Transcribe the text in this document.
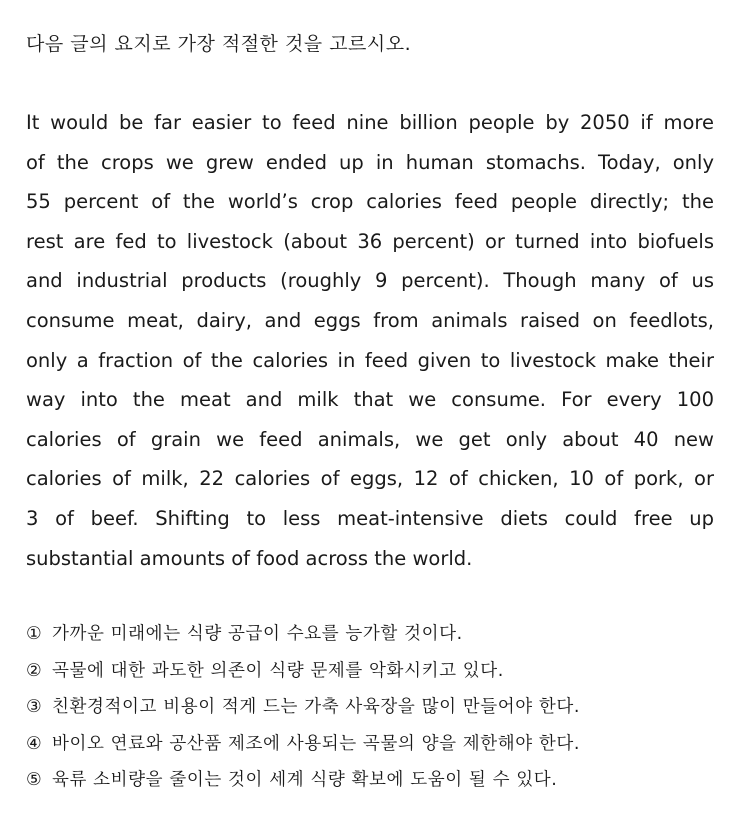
다음 글의 요지로 가장 적절한 것을 고르시오.
It would be far easier to feed nine billion people by 2050 if more
of the crops we grew ended up in human stomachs. Today, only
55 percent of the world’s crop calories feed people directly; the
rest are fed to livestock (about 36 percent) or turned into biofuels
and industrial products (roughly 9 percent). Though many of us
consume meat, dairy, and eggs from animals raised on feedlots,
only a fraction of the calories in feed given to livestock make their
way into the meat and milk that we consume. For every 100
calories of grain we feed animals, we get only about 40 new
calories of milk, 22 calories of eggs, 12 of chicken, 10 of pork, or
3 of beef. Shifting to less meat-intensive diets could free up
substantial amounts of food across the world.
① 가까운 미래에는 식량 공급이 수요를 능가할 것이다.
② 곡물에 대한 과도한 의존이 식량 문제를 악화시키고 있다.
③ 친환경적이고 비용이 적게 드는 가축 사육장을 많이 만들어야 한다.
④ 바이오 연료와 공산품 제조에 사용되는 곡물의 양을 제한해야 한다.
⑤ 육류 소비량을 줄이는 것이 세계 식량 확보에 도움이 될 수 있다.
